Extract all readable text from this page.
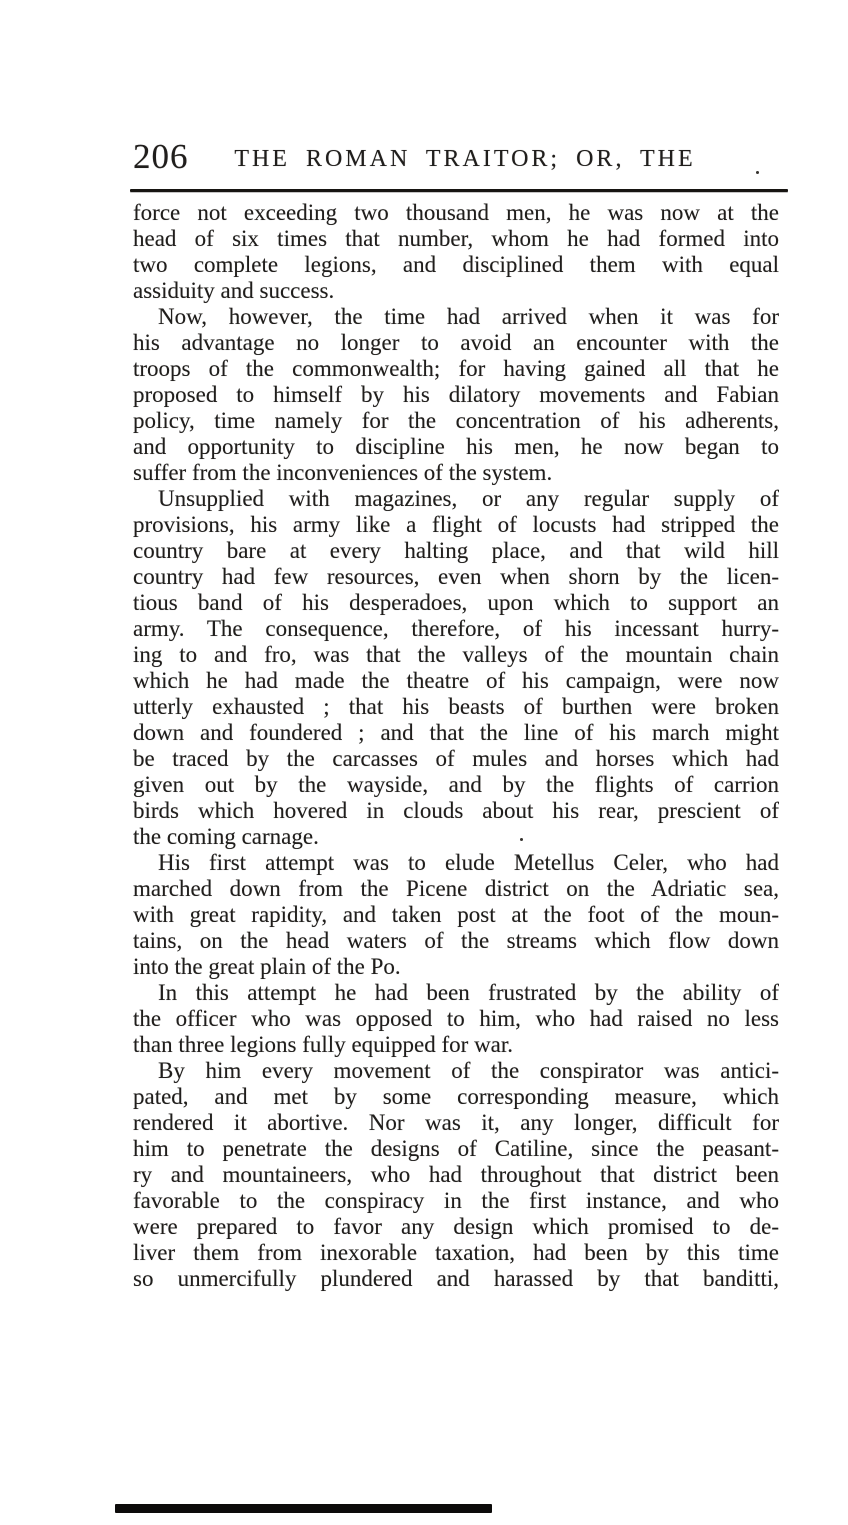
206	THE ROMAN TRAITOR; OR, THE
force not exceeding two thousand men, he was now at the
head of six times that number, whom he had formed into
two complete legions, and disciplined them with equal
assiduity and success.
Now, however, the time had arrived when it was for
his advantage no longer to avoid an encounter with the
troops of the commonwealth; for having gained all that he
proposed to himself by his dilatory movements and Fabian
policy, time namely for the concentration of his adherents,
and opportunity to discipline his men, he now began to
suffer from the inconveniences of the system.
Unsupplied with magazines, or any regular supply of
provisions, his army like a flight of locusts had stripped the
country bare at every halting place, and that wild hill
country had few resources, even when shorn by the licen-
tious band of his desperadoes, upon which to support an
army. The consequence, therefore, of his incessant hurry-
ing to and fro, was that the valleys of the mountain chain
which he had made the theatre of his campaign, were now
utterly exhausted ; that his beasts of burthen were broken
down and foundered ; and that the line of his march might
be traced by the carcasses of mules and horses which had
given out by the wayside, and by the flights of carrion
birds which hovered in clouds about his rear, prescient of
the coming carnage.
His first attempt was to elude Metellus Celer, who had
marched down from the Picene district on the Adriatic sea,
with great rapidity, and taken post at the foot of the moun-
tains, on the head waters of the streams which flow down
into the great plain of the Po.
In this attempt he had been frustrated by the ability of
the officer who was opposed to him, who had raised no less
than three legions fully equipped for war.
By him every movement of the conspirator was antici-
pated, and met by some corresponding measure, which
rendered it abortive. Nor was it, any longer, difficult for
him to penetrate the designs of Catiline, since the peasant-
ry and mountaineers, who had throughout that district been
favorable to the conspiracy in the first instance, and who
were prepared to favor any design which promised to de-
liver them from inexorable taxation, had been by this time
so unmercifully plundered and harassed by that banditti,
